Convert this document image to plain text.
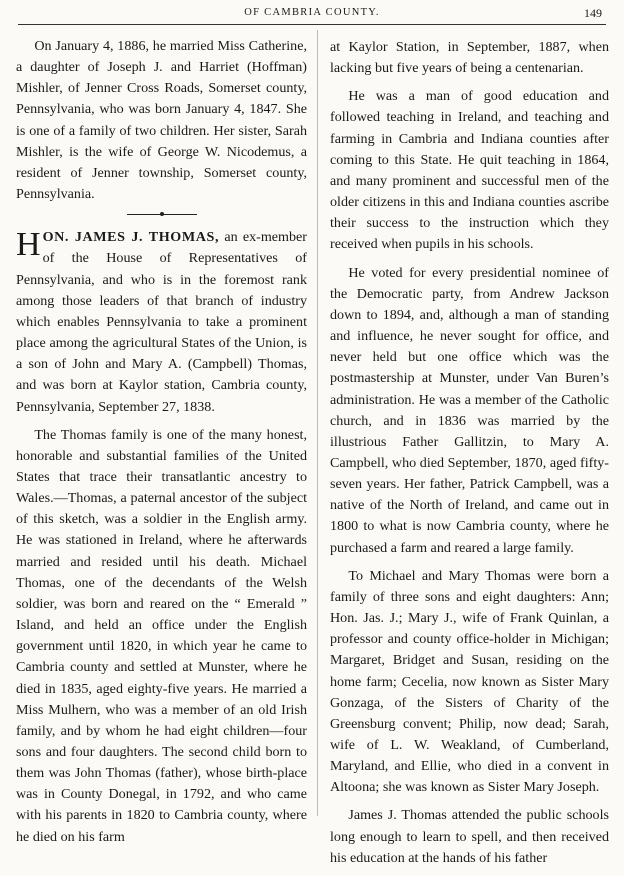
OF CAMBRIA COUNTY.	149

On January 4, 1886, he married Miss Catherine, a daughter of Joseph J. and Harriet (Hoffman) Mishler, of Jenner Cross Roads, Somerset county, Pennsylvania, who was born January 4, 1847. She is one of a family of two children. Her sister, Sarah Mishler, is the wife of George W. Nicodemus, a resident of Jenner township, Somerset county, Pennsylvania.

HON. JAMES J. THOMAS, an ex-member of the House of Representatives of Pennsylvania, and who is in the foremost rank among those leaders of that branch of industry which enables Pennsylvania to take a prominent place among the agricultural States of the Union, is a son of John and Mary A. (Campbell) Thomas, and was born at Kaylor station, Cambria county, Pennsylvania, September 27, 1838.

The Thomas family is one of the many honest, honorable and substantial families of the United States that trace their transatlantic ancestry to Wales.—Thomas, a paternal ancestor of the subject of this sketch, was a soldier in the English army. He was stationed in Ireland, where he afterwards married and resided until his death. Michael Thomas, one of the decendants of the Welsh soldier, was born and reared on the “ Emerald ” Island, and held an office under the English government until 1820, in which year he came to Cambria county and settled at Munster, where he died in 1835, aged eighty-five years. He married a Miss Mulhern, who was a member of an old Irish family, and by whom he had eight children—four sons and four daughters. The second child born to them was John Thomas (father), whose birth-place was in County Donegal, in 1792, and who came with his parents in 1820 to Cambria county, where he died on his farm

at Kaylor Station, in September, 1887, when lacking but five years of being a centenarian.

He was a man of good education and followed teaching in Ireland, and teaching and farming in Cambria and Indiana counties after coming to this State. He quit teaching in 1864, and many prominent and successful men of the older citizens in this and Indiana counties ascribe their success to the instruction which they received when pupils in his schools.

He voted for every presidential nominee of the Democratic party, from Andrew Jackson down to 1894, and, although a man of standing and influence, he never sought for office, and never held but one office which was the postmastership at Munster, under Van Buren’s administration. He was a member of the Catholic church, and in 1836 was married by the illustrious Father Gallitzin, to Mary A. Campbell, who died September, 1870, aged fifty-seven years. Her father, Patrick Campbell, was a native of the North of Ireland, and came out in 1800 to what is now Cambria county, where he purchased a farm and reared a large family.

To Michael and Mary Thomas were born a family of three sons and eight daughters: Ann; Hon. Jas. J.; Mary J., wife of Frank Quinlan, a professor and county office-holder in Michigan; Margaret, Bridget and Susan, residing on the home farm; Cecelia, now known as Sister Mary Gonzaga, of the Sisters of Charity of the Greensburg convent; Philip, now dead; Sarah, wife of L. W. Weakland, of Cumberland, Maryland, and Ellie, who died in a convent in Altoona; she was known as Sister Mary Joseph.

James J. Thomas attended the public schools long enough to learn to spell, and then received his education at the hands of his father
